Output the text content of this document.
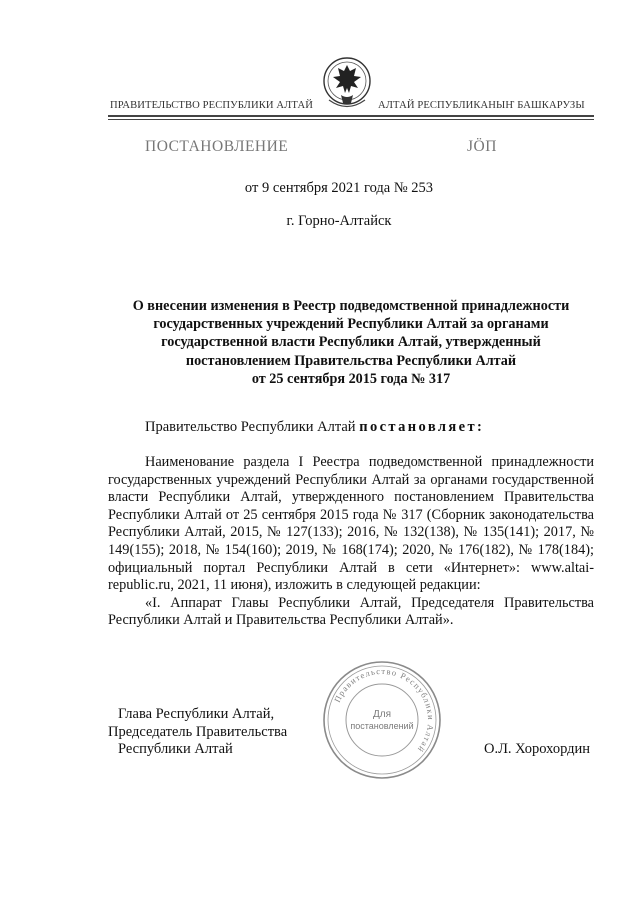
ПРАВИТЕЛЬСТВО РЕСПУБЛИКИ АЛТАЙ	АЛТАЙ РЕСПУБЛИКАНЫҤ БАШКАРУЗЫ
ПОСТАНОВЛЕНИЕ	ЈӦП
от 9 сентября 2021 года № 253
г. Горно-Алтайск
О внесении изменения в Реестр подведомственной принадлежности
государственных учреждений Республики Алтай за органами
государственной власти Республики Алтай, утвержденный
постановлением Правительства Республики Алтай
от 25 сентября 2015 года № 317
Правительство Республики Алтай постановляет:

Наименование раздела I Реестра подведомственной принадлежности государственных учреждений Республики Алтай за органами государственной власти Республики Алтай, утвержденного постановлением Правительства Республики Алтай от 25 сентября 2015 года № 317 (Сборник законодательства Республики Алтай, 2015, № 127(133); 2016, № 132(138), № 135(141); 2017, № 149(155); 2018, № 154(160); 2019, № 168(174); 2020, № 176(182), № 178(184); официальный портал Республики Алтай в сети «Интернет»: www.altai-republic.ru, 2021, 11 июня), изложить в следующей редакции:

«I. Аппарат Главы Республики Алтай, Председателя Правительства Республики Алтай и Правительства Республики Алтай».

Глава Республики Алтай,
Председатель Правительства
Республики Алтай
Правительство Республики Алтай
Для
постановлений
О.Л. Хорохордин
